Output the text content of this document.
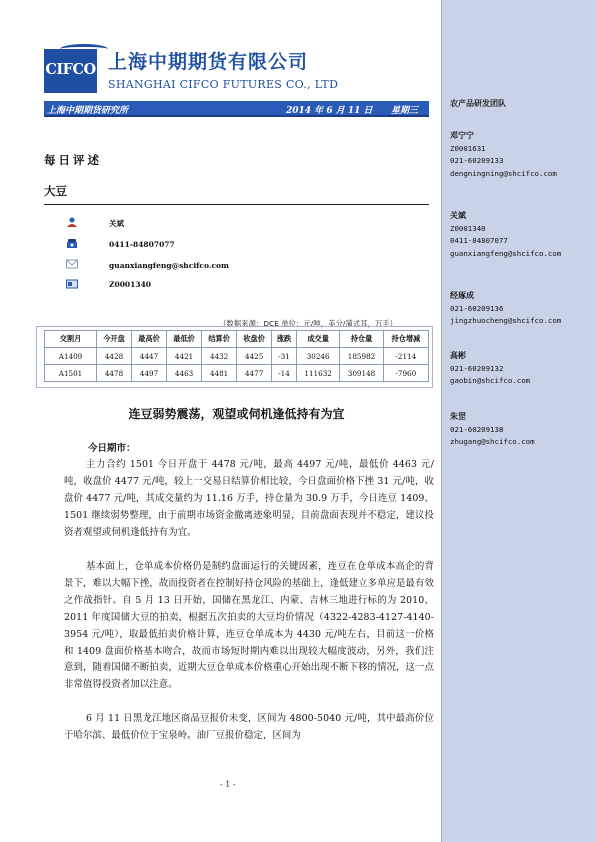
农产品研发团队
邓宁宁
Z0001631
021-60209133
dengningning@shcifco.com
关斌
Z0001340
0411-84807077
guanxiangfeng@shcifco.com
经琢成
021-60209136
jingzhuocheng@shcifco.com
高彬
021-60209132
gaobin@shcifco.com
朱罡
021-60209138
zhugang@shcifco.com
CIFCO 上海中期期货有限公司
SHANGHAI CIFCO FUTURES CO., LTD
上海中期期货研究所	2014 年 6 月 11 日 星期三
每日评述
大豆
关斌
0411-84807077
guanxiangfeng@shcifco.com
Z0001340
（数据来源：DCE 单位：元/吨，美分/蒲式耳，万手）
交割月	今开盘	最高价	最低价	结算价	收盘价	涨跌	成交量	持仓量	持仓增减
A1409	4428	4447	4421	4432	4425	-31	30246	185982	-2114
A1501	4478	4497	4463	4481	4477	-14	111632	309148	-7960
连豆弱势震荡，观望或伺机逢低持有为宜
今日期市：

主力合约 1501 今日开盘于 4478 元/吨，最高 4497 元/吨，最低价 4463 元/吨，收盘价 4477 元/吨，较上一交易日结算价相比较，今日盘面价格下挫 31 元/吨，收盘价 4477 元/吨，其成交量约为 11.16 万手，持仓量为 30.9 万手，今日连豆 1409、1501 继续弱势整理，由于前期市场资金撤离迹象明显，目前盘面表现并不稳定，建议投资者观望或伺机逢低持有为宜。

基本面上，仓单成本价格仍是制约盘面运行的关键因素，连豆在仓单成本高企的背景下，难以大幅下挫，故而投资者在控制好持仓风险的基础上，逢低建立多单应是最有效之作战指针。自 5 月 13 日开始，国储在黑龙江、内蒙、吉林三地进行标的为 2010、2011 年度国储大豆的拍卖，根据五次拍卖的大豆均价情况（4322-4283-4127-4140-3954 元/吨），取最低拍卖价格计算，连豆仓单成本为 4430 元/吨左右，目前这一价格和 1409 盘面价格基本吻合，故而市场短时期内难以出现较大幅度波动，另外，我们注意到，随着国储不断拍卖，近期大豆仓单成本价格重心开始出现不断下移的情况，这一点非常值得投资者加以注意。

6 月 11 日黑龙江地区商品豆报价未变，区间为 4800-5040 元/吨，其中最高价位于哈尔滨、最低价位于宝泉岭。油厂豆报价稳定，区间为

- 1 -
